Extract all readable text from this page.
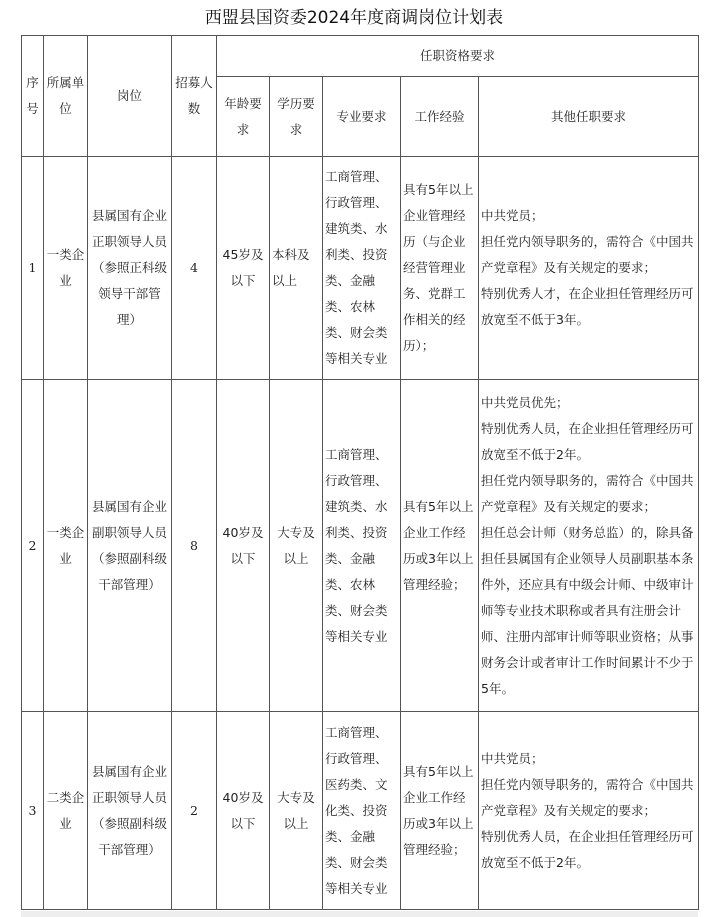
西盟县国资委2024年度商调岗位计划表
序号	所属单位	岗位	招募人数	任职资格要求				
				年龄要求	学历要求	专业要求	工作经验	其他任职要求
1	一类企业	县属国有企业正职领导人员（参照正科级领导干部管理）	4	45岁及以下	本科及以上	工商管理、行政管理、建筑类、水利类、投资类、金融类、农林类、财会类等相关专业	具有5年以上企业管理经历（与企业经营管理业务、党群工作相关的经历）；	中共党员；
担任党内领导职务的，需符合《中国共产党章程》及有关规定的要求；
特别优秀人才，在企业担任管理经历可放宽至不低于3年。

2	一类企业	县属国有企业副职领导人员（参照副科级干部管理）	8	40岁及以下	大专及以上	工商管理、行政管理、建筑类、水利类、投资类、金融类、农林类、财会类等相关专业	具有5年以上企业工作经历或3年以上管理经验；	中共党员优先；
特别优秀人员，在企业担任管理经历可放宽至不低于2年。
担任党内领导职务的，需符合《中国共产党章程》及有关规定的要求；
担任总会计师（财务总监）的，除具备担任县属国有企业领导人员副职基本条件外，还应具有中级会计师、中级审计师等专业技术职称或者具有注册会计师、注册内部审计师等职业资格；从事财务会计或者审计工作时间累计不少于5年。

3	二类企业	县属国有企业正职领导人员（参照副科级干部管理）	2	40岁及以下	大专及以上	工商管理、行政管理、医药类、文化类、投资类、金融类、财会类等相关专业	具有5年以上企业工作经历或3年以上管理经验；	中共党员；
担任党内领导职务的，需符合《中国共产党章程》及有关规定的要求；
特别优秀人员，在企业担任管理经历可放宽至不低于2年。
